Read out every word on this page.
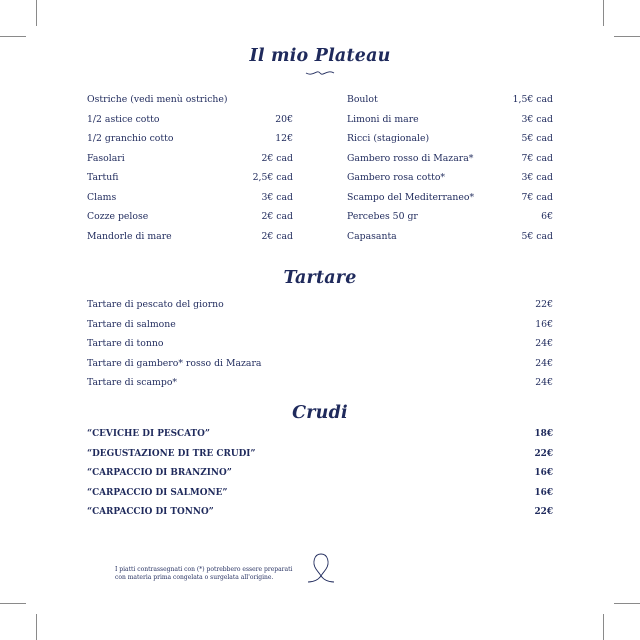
Il mio Plateau
Ostriche (vedi menù ostriche)
1/2 astice cotto	20€
1/2 granchio cotto	12€
Fasolari	2€ cad
Tartufi	2,5€ cad
Clams	3€ cad
Cozze pelose	2€ cad
Mandorle di mare	2€ cad
Boulot	1,5€ cad
Limoni di mare	3€ cad
Ricci (stagionale)	5€ cad
Gambero rosso di Mazara*	7€ cad
Gambero rosa cotto*	3€ cad
Scampo del Mediterraneo*	7€ cad
Percebes 50 gr	6€
Capasanta	5€ cad
Tartare
Tartare di pescato del giorno	22€
Tartare di salmone	16€
Tartare di tonno	24€
Tartare di gambero* rosso di Mazara	24€
Tartare di scampo*	24€
Crudi
“CEVICHE DI PESCATO”	18€
“DEGUSTAZIONE DI TRE CRUDI”	22€
“CARPACCIO DI BRANZINO”	16€
“CARPACCIO DI SALMONE”	16€
“CARPACCIO DI TONNO”	22€
I piatti contrassegnati con (*) potrebbero essere preparati
con materia prima congelata o surgelata all'origine.
